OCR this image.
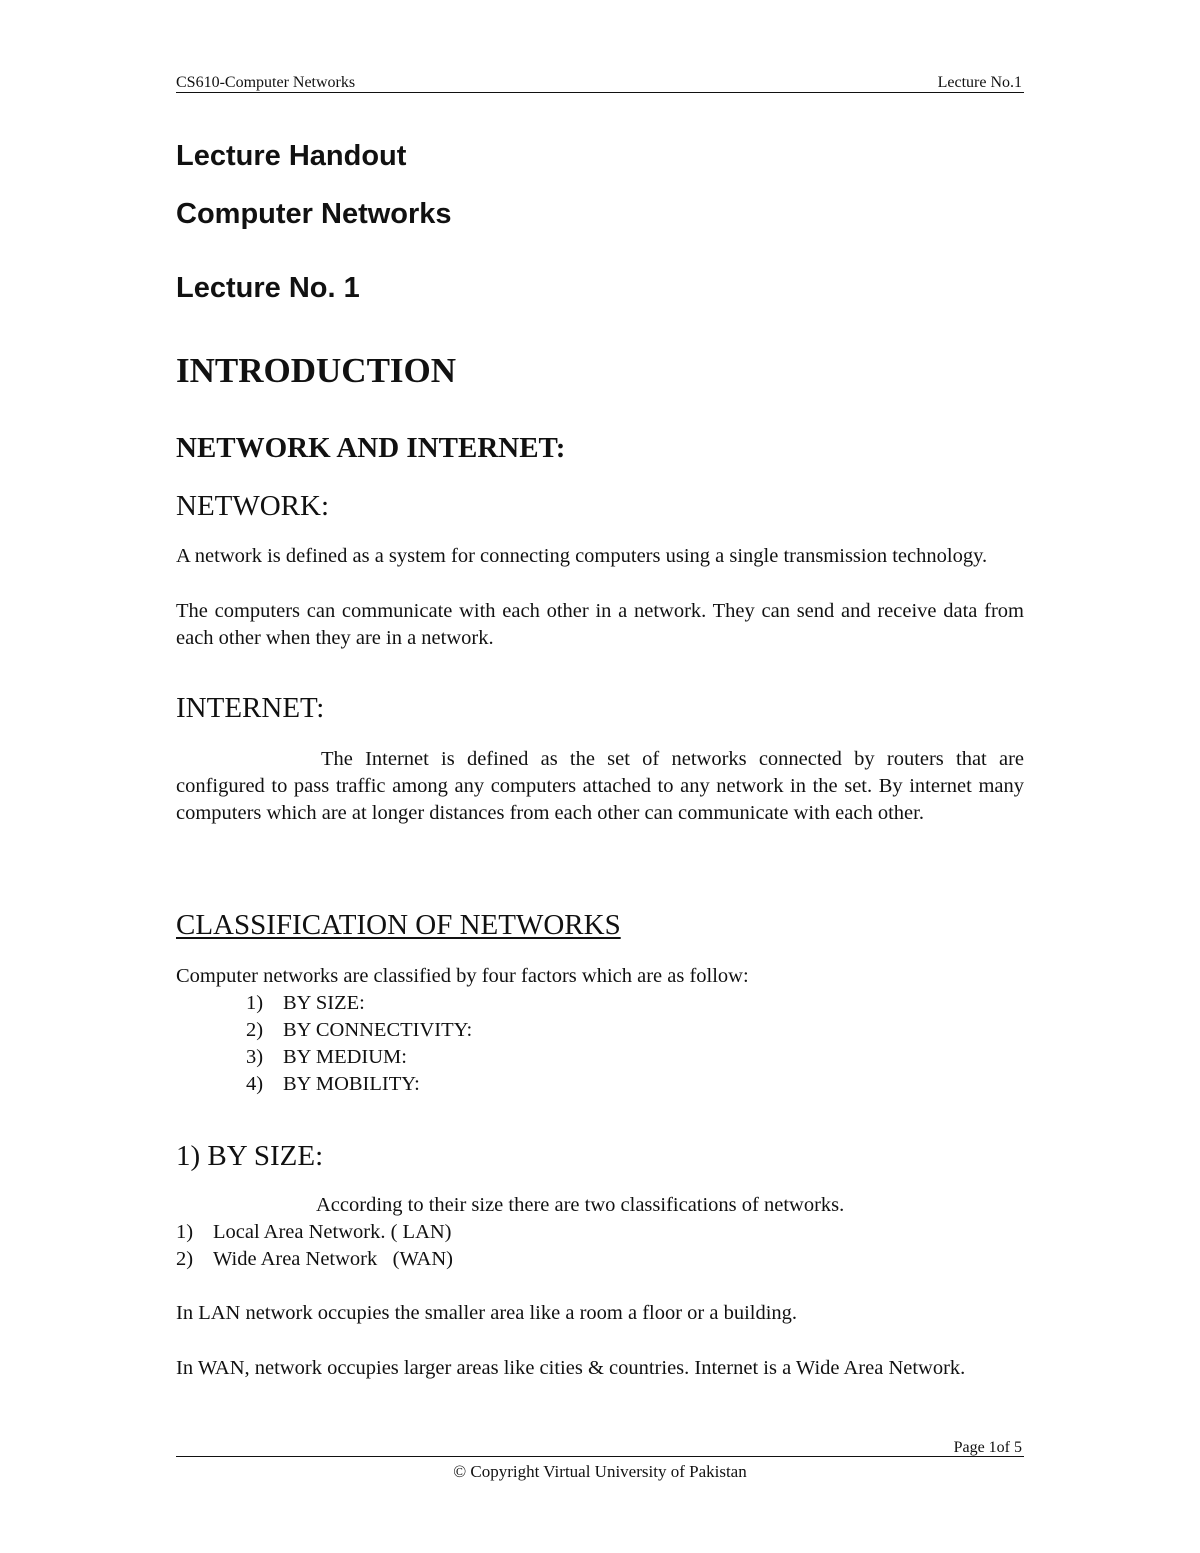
CS610-Computer Networks	Lecture No.1
Lecture Handout
Computer Networks
Lecture No. 1
INTRODUCTION
NETWORK AND INTERNET:
NETWORK:

A network is defined as a system for connecting computers using a single transmission technology.

The computers can communicate with each other in a network. They can send and receive data from each other when they are in a network.

INTERNET:

The Internet is defined as the set of networks connected by routers that are configured to pass traffic among any computers attached to any network in the set. By internet many computers which are at longer distances from each other can communicate with each other.

CLASSIFICATION OF NETWORKS

Computer networks are classified by four factors which are as follow:

1) BY SIZE:
2) BY CONNECTIVITY:
3) BY MEDIUM:
4) BY MOBILITY:
1) BY SIZE:

According to their size there are two classifications of networks.

1) Local Area Network. ( LAN)
2) Wide Area Network   (WAN)

In LAN network occupies the smaller area like a room a floor or a building.

In WAN, network occupies larger areas like cities & countries. Internet is a Wide Area Network.

Page 1of 5
© Copyright Virtual University of Pakistan
